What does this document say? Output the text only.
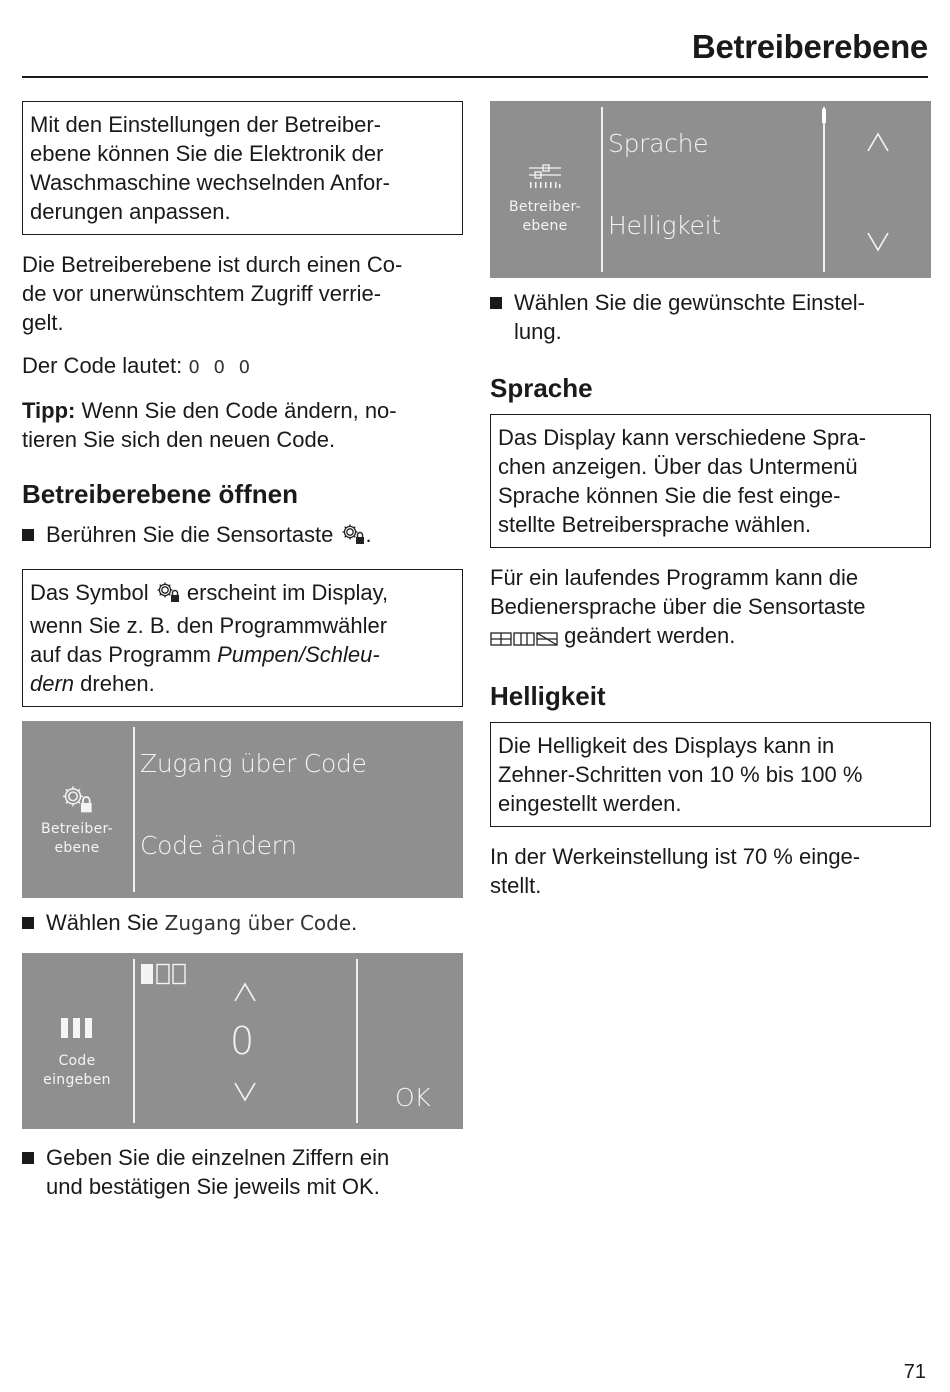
Betreiberebene
Mit den Einstellungen der Betreiber-
ebene können Sie die Elektronik der
Waschmaschine wechselnden Anfor-
derungen anpassen.

Die Betreiberebene ist durch einen Co-
de vor unerwünschtem Zugriff verrie-
gelt.

Der Code lautet: 0 0 0

Tipp: Wenn Sie den Code ändern, no-
tieren Sie sich den neuen Code.

Betreiberebene öffnen
Berühren Sie die Sensortaste .
Das Symbol  erscheint im Display,
wenn Sie z. B. den Programmwähler
auf das Programm Pumpen/Schleu-
dern drehen.
Betreiber-
ebene
Zugang über Code
Code ändern
Wählen Sie Zugang über Code.
Code
eingeben
0
OK
Geben Sie die einzelnen Ziffern ein
und bestätigen Sie jeweils mit OK.
Betreiber-
ebene
Sprache
Helligkeit
Wählen Sie die gewünschte Einstel-
lung.
Sprache
Das Display kann verschiedene Spra-
chen anzeigen. Über das Untermenü
Sprache können Sie die fest einge-
stellte Betreibersprache wählen.

Für ein laufendes Programm kann die
Bedienersprache über die Sensortaste
geändert werden.

Helligkeit
Die Helligkeit des Displays kann in
Zehner-Schritten von 10 % bis 100 %
eingestellt werden.

In der Werkeinstellung ist 70 % einge-
stellt.

71
